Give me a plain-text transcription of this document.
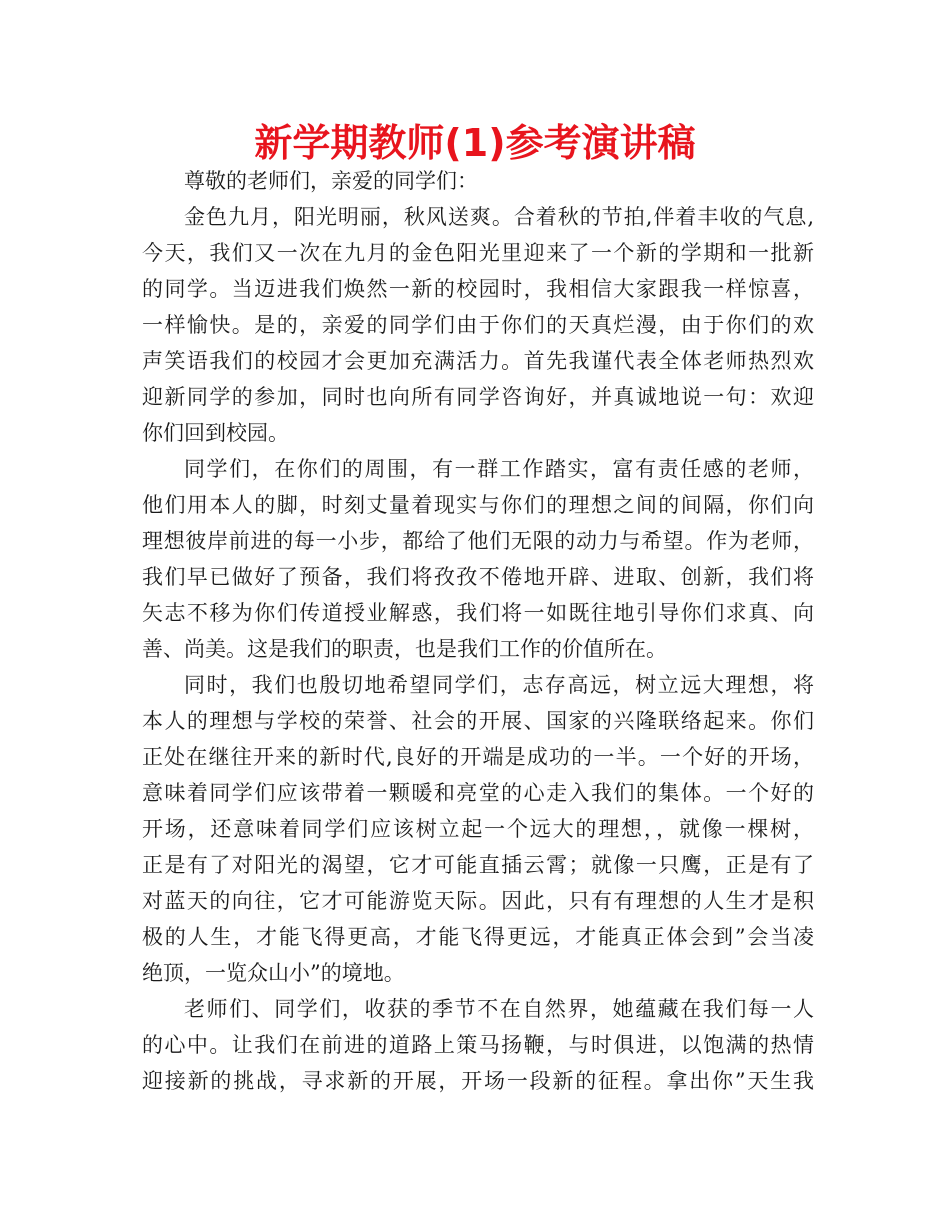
新学期教师(1)参考演讲稿

尊敬的老师们，亲爱的同学们：

金色九月，阳光明丽，秋风送爽。合着秋的节拍,伴着丰收的气息,
今天，我们又一次在九月的金色阳光里迎来了一个新的学期和一批新
的同学。当迈进我们焕然一新的校园时，我相信大家跟我一样惊喜，
一样愉快。是的，亲爱的同学们由于你们的天真烂漫，由于你们的欢
声笑语我们的校园才会更加充满活力。首先我谨代表全体老师热烈欢
迎新同学的参加，同时也向所有同学咨询好，并真诚地说一句：欢迎
你们回到校园。

同学们，在你们的周围，有一群工作踏实，富有责任感的老师，
他们用本人的脚，时刻丈量着现实与你们的理想之间的间隔，你们向
理想彼岸前进的每一小步，都给了他们无限的动力与希望。作为老师，
我们早已做好了预备，我们将孜孜不倦地开辟、进取、创新，我们将
矢志不移为你们传道授业解惑，我们将一如既往地引导你们求真、向
善、尚美。这是我们的职责，也是我们工作的价值所在。

同时，我们也殷切地希望同学们，志存高远，树立远大理想，将
本人的理想与学校的荣誉、社会的开展、国家的兴隆联络起来。你们
正处在继往开来的新时代,良好的开端是成功的一半。一个好的开场，
意味着同学们应该带着一颗暖和亮堂的心走入我们的集体。一个好的
开场，还意味着同学们应该树立起一个远大的理想，，就像一棵树，
正是有了对阳光的渴望，它才可能直插云霄；就像一只鹰，正是有了
对蓝天的向往，它才可能游览天际。因此，只有有理想的人生才是积
极的人生，才能飞得更高，才能飞得更远，才能真正体会到”会当凌
绝顶，一览众山小”的境地。

老师们、同学们，收获的季节不在自然界，她蕴藏在我们每一人
的心中。让我们在前进的道路上策马扬鞭，与时俱进，以饱满的热情
迎接新的挑战，寻求新的开展，开场一段新的征程。拿出你”天生我
